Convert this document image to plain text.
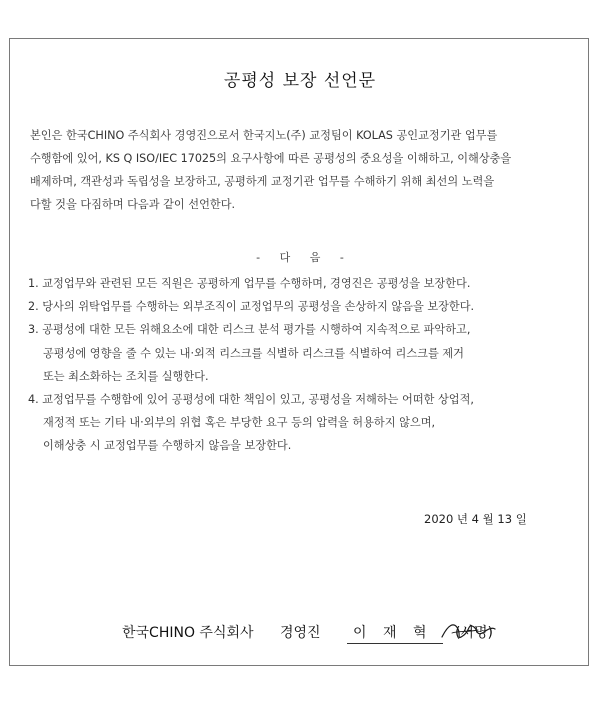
공평성 보장 선언문

본인은 한국CHINO 주식회사 경영진으로서 한국지노(주) 교정팀이 KOLAS 공인교정기관 업무를

수행함에 있어, KS Q ISO/IEC 17025의 요구사항에 따른 공평성의 중요성을 이해하고, 이해상충을

배제하며, 객관성과 독립성을 보장하고, 공평하게 교정기관 업무를 수해하기 위해 최선의 노력을

다할 것을 다짐하며 다음과 같이 선언한다.

- 다 음 -

1. 교정업무와 관련된 모든 직원은 공평하게 업무를 수행하며, 경영진은 공평성을 보장한다.

2. 당사의 위탁업무를 수행하는 외부조직이 교정업무의 공평성을 손상하지 않음을 보장한다.

3. 공평성에 대한 모든 위해요소에 대한 리스크 분석 평가를 시행하여 지속적으로 파악하고,

공평성에 영향을 줄 수 있는 내·외적 리스크를 식별하 리스크를 식별하여 리스크를 제거

또는 최소화하는 조치를 실행한다.

4. 교정업무를 수행함에 있어 공평성에 대한 책임이 있고, 공평성을 저해하는 어떠한 상업적,

재정적 또는 기타 내·외부의 위협 혹은 부당한 요구 등의 압력을 허용하지 않으며,

이해상충 시 교정업무를 수행하지 않음을 보장한다.

2020 년 4 월 13 일
한국CHINO 주식회사 경영진 이 재 혁 (서명)
